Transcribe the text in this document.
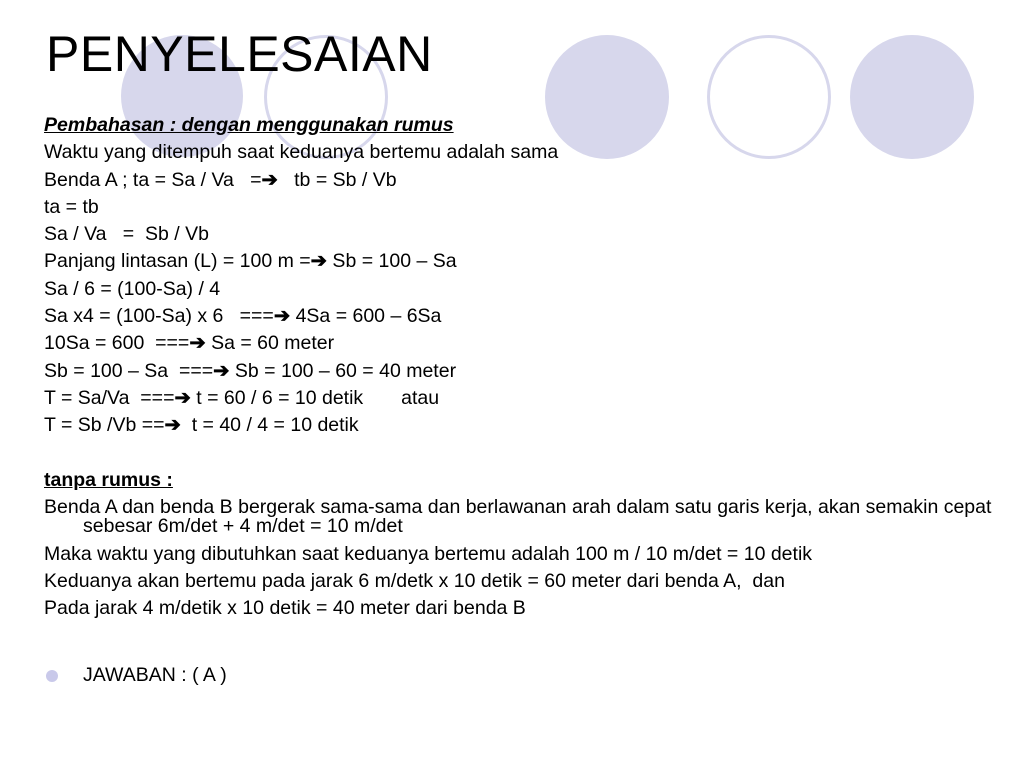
PENYELESAIAN
Pembahasan : dengan menggunakan rumus
Waktu yang ditempuh saat keduanya bertemu adalah sama
Benda A ; ta = Sa / Va   =➔   tb = Sb / Vb
ta = tb
Sa / Va   =  Sb / Vb
Panjang lintasan (L) = 100 m =➔ Sb = 100 – Sa
Sa / 6 = (100-Sa) / 4
Sa x4 = (100-Sa) x 6   ===➔ 4Sa = 600 – 6Sa
10Sa = 600  ===➔ Sa = 60 meter
Sb = 100 – Sa  ===➔ Sb = 100 – 60 = 40 meter
T = Sa/Va  ===➔ t = 60 / 6 = 10 detik       atau
T = Sb /Vb ==➔  t = 40 / 4 = 10 detik
tanpa rumus :
Benda A dan benda B bergerak sama-sama dan berlawanan arah dalam satu garis kerja, akan semakin cepat sebesar 6m/det + 4 m/det = 10 m/det
Maka waktu yang dibutuhkan saat keduanya bertemu adalah 100 m / 10 m/det = 10 detik
Keduanya akan bertemu pada jarak 6 m/detk x 10 detik = 60 meter dari benda A,  dan
Pada jarak 4 m/detik x 10 detik = 40 meter dari benda B
JAWABAN : ( A )
